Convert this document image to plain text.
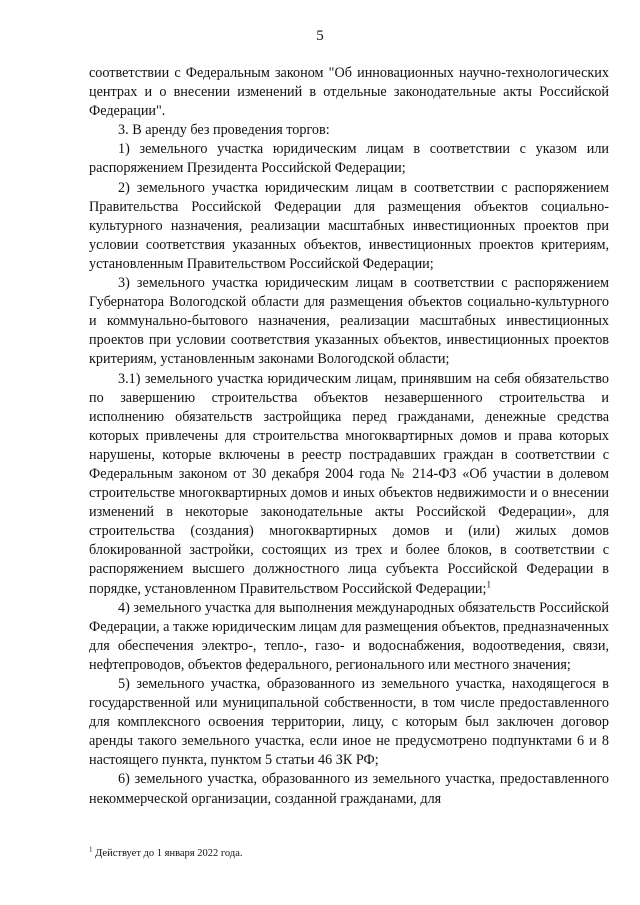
5

соответствии с Федеральным законом "Об инновационных научно-технологических центрах и о внесении изменений в отдельные законодательные акты Российской Федерации".

3. В аренду без проведения торгов:

1) земельного участка юридическим лицам в соответствии с указом или распоряжением Президента Российской Федерации;

2) земельного участка юридическим лицам в соответствии с распоряжением Правительства Российской Федерации для размещения объектов социально-культурного назначения, реализации масштабных инвестиционных проектов при условии соответствия указанных объектов, инвестиционных проектов критериям, установленным Правительством Российской Федерации;

3) земельного участка юридическим лицам в соответствии с распоряжением Губернатора Вологодской области для размещения объектов социально-культурного и коммунально-бытового назначения, реализации масштабных инвестиционных проектов при условии соответствия указанных объектов, инвестиционных проектов критериям, установленным законами Вологодской области;

3.1) земельного участка юридическим лицам, принявшим на себя обязательство по завершению строительства объектов незавершенного строительства и исполнению обязательств застройщика перед гражданами, денежные средства которых привлечены для строительства многоквартирных домов и права которых нарушены, которые включены в реестр пострадавших граждан в соответствии с Федеральным законом от 30 декабря 2004 года № 214-ФЗ «Об участии в долевом строительстве многоквартирных домов и иных объектов недвижимости и о внесении изменений в некоторые законодательные акты Российской Федерации», для строительства (создания) многоквартирных домов и (или) жилых домов блокированной застройки, состоящих из трех и более блоков, в соответствии с распоряжением высшего должностного лица субъекта Российской Федерации в порядке, установленном Правительством Российской Федерации;$^1$

4) земельного участка для выполнения международных обязательств Российской Федерации, а также юридическим лицам для размещения объектов, предназначенных для обеспечения электро-, тепло-, газо- и водоснабжения, водоотведения, связи, нефтепроводов, объектов федерального, регионального или местного значения;

5) земельного участка, образованного из земельного участка, находящегося в государственной или муниципальной собственности, в том числе предоставленного для комплексного освоения территории, лицу, с которым был заключен договор аренды такого земельного участка, если иное не предусмотрено подпунктами 6 и 8 настоящего пункта, пунктом 5 статьи 46 ЗК РФ;

6) земельного участка, образованного из земельного участка, предоставленного некоммерческой организации, созданной гражданами, для

$^1$ Действует до 1 января 2022 года.
